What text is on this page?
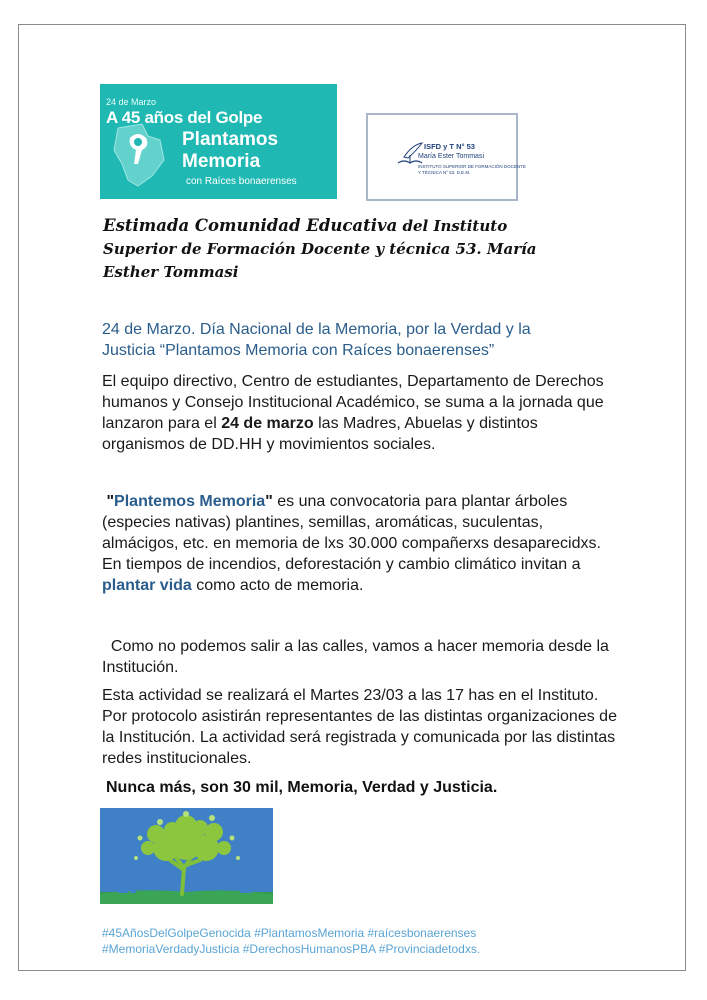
24 de Marzo
A 45 años del Golpe
Plantamos
Memoria
con Raíces bonaerenses
ISFD y T N° 53
María Ester Tommasi
INSTITUTO SUPERIOR DE FORMACIÓN DOCENTE
Y TÉCNICA N° 53. D.E.M.
Estimada Comunidad Educativa del Instituto Superior de Formación Docente y técnica 53. María Esther Tommasi
24 de Marzo. Día Nacional de la Memoria, por la Verdad y la Justicia “Plantamos Memoria con Raíces bonaerenses”
El equipo directivo, Centro de estudiantes, Departamento de Derechos humanos y Consejo Institucional Académico, se suma a la jornada que lanzaron para el 24 de marzo las Madres, Abuelas y distintos organismos de DD.HH y movimientos sociales.
"Plantemos Memoria" es una convocatoria para plantar árboles (especies nativas) plantines, semillas, aromáticas, suculentas, almácigos, etc. en memoria de lxs 30.000 compañerxs desaparecidxs. En tiempos de incendios, deforestación y cambio climático invitan a plantar vida como acto de memoria.
Como no podemos salir a las calles, vamos a hacer memoria desde la Institución.
Esta actividad se realizará el Martes 23/03 a las 17 has en el Instituto. Por protocolo asistirán representantes de las distintas organizaciones de la Institución. La actividad será registrada y comunicada por las distintas redes institucionales.
Nunca más, son 30 mil, Memoria, Verdad y Justicia.
#45AñosDelGolpeGenocida #PlantamosMemoria #raícesbonaerenses
#MemoriaVerdadyJusticia #DerechosHumanosPBA #Provinciadetodxs.
